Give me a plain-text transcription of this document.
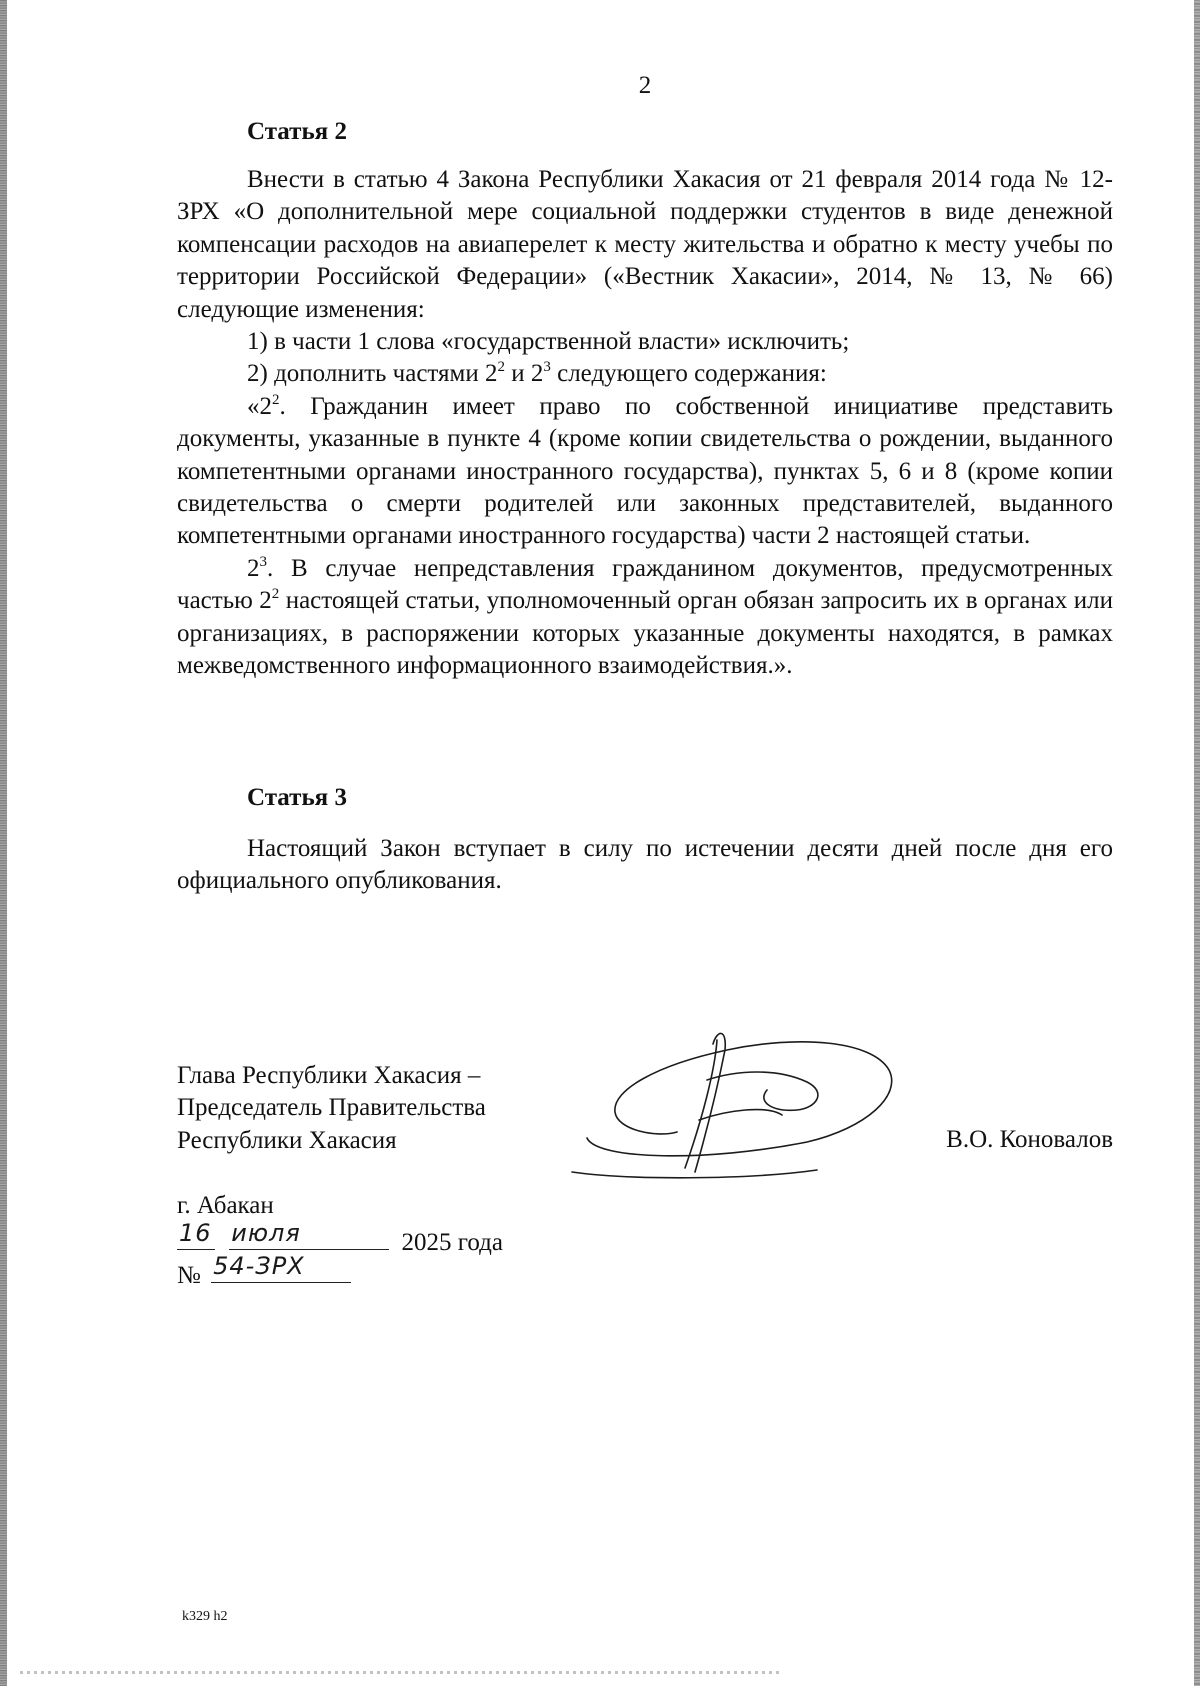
2
Статья 2

Внести в статью 4 Закона Республики Хакасия от 21 февраля 2014 года № 12-ЗРХ «О дополнительной мере социальной поддержки студентов в виде денежной компенсации расходов на авиаперелет к месту жительства и обратно к месту учебы по территории Российской Федерации» («Вестник Хакасии», 2014, № 13, № 66) следующие изменения:

1) в части 1 слова «государственной власти» исключить;

2) дополнить частями $2^2$ и $2^3$ следующего содержания:

«$2^2$. Гражданин имеет право по собственной инициативе представить документы, указанные в пункте 4 (кроме копии свидетельства о рождении, выданного компетентными органами иностранного государства), пунктах 5, 6 и 8 (кроме копии свидетельства о смерти родителей или законных представителей, выданного компетентными органами иностранного государства) части 2 настоящей статьи.

$2^3$. В случае непредставления гражданином документов, предусмотренных частью $2^2$ настоящей статьи, уполномоченный орган обязан запросить их в органах или организациях, в распоряжении которых указанные документы находятся, в рамках межведомственного информационного взаимодействия.».

Статья 3

Настоящий Закон вступает в силу по истечении десяти дней после дня его официального опубликования.

Глава Республики Хакасия –
Председатель Правительства
Республики Хакасия	В.О. Коновалов
г. Абакан
16
июля	2025 года
№ 54-ЗРХ
k329 h2
